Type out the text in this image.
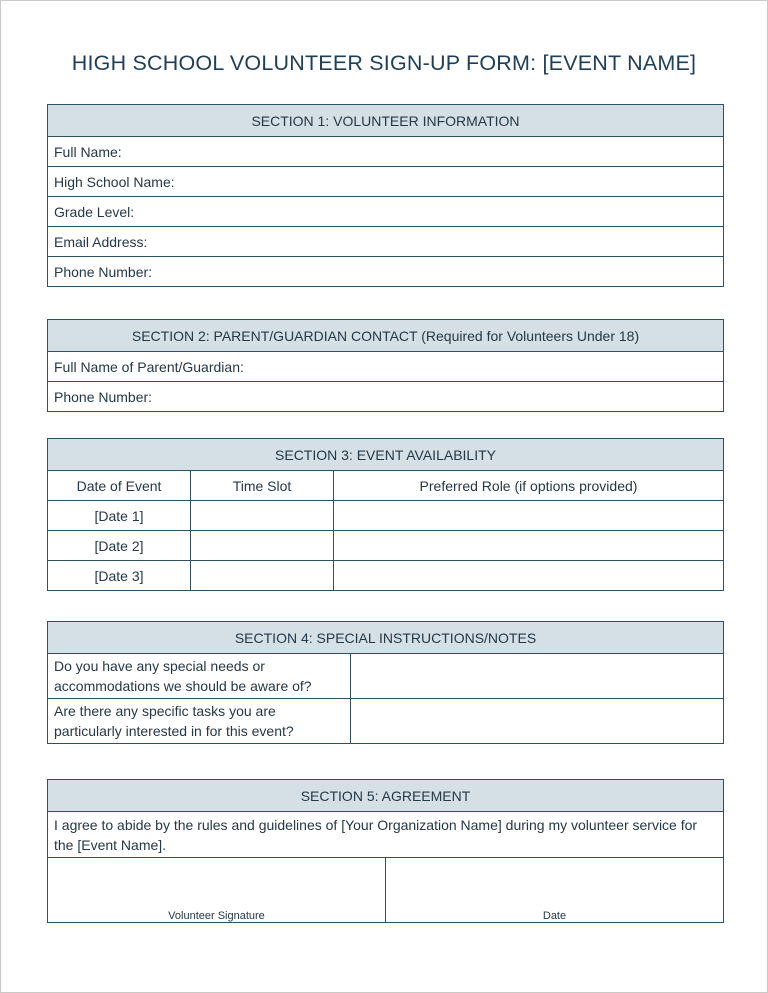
HIGH SCHOOL VOLUNTEER SIGN-UP FORM: [EVENT NAME]
SECTION 1: VOLUNTEER INFORMATION
Full Name:
High School Name:
Grade Level:
Email Address:
Phone Number:
SECTION 2: PARENT/GUARDIAN CONTACT (Required for Volunteers Under 18)
Full Name of Parent/Guardian:
Phone Number:
SECTION 3: EVENT AVAILABILITY		
Date of Event	Time Slot	Preferred Role (if options provided)
[Date 1]		
[Date 2]		
[Date 3]		
SECTION 4: SPECIAL INSTRUCTIONS/NOTES	
Do you have any special needs or accommodations we should be aware of?	
Are there any specific tasks you are particularly interested in for this event?	
SECTION 5: AGREEMENT
I agree to abide by the rules and guidelines of [Your Organization Name] during my volunteer service for the [Event Name].
Volunteer Signature	Date
